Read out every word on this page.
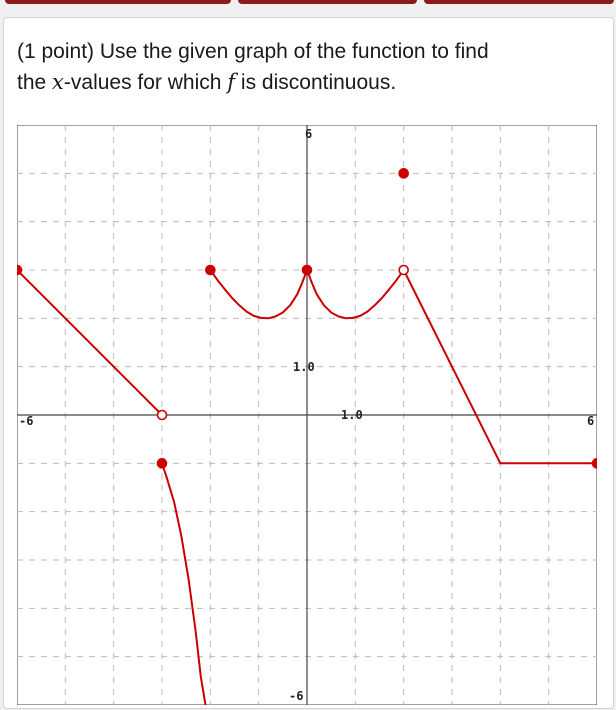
(1 point) Use the given graph of the function to find
the x-values for which f is discontinuous.

6
1.0
-6	1.0	6
-6
